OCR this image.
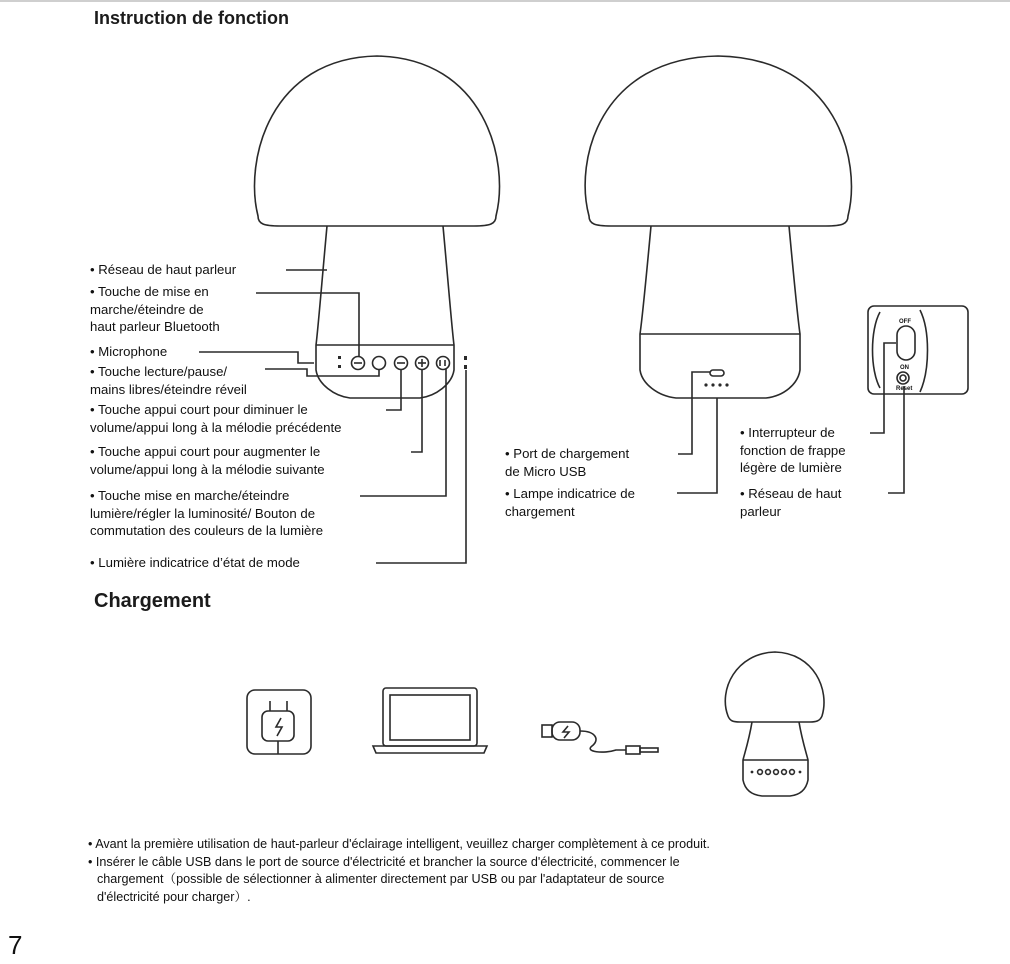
Instruction de fonction
OFF
ON
Reset
• Réseau de haut parleur
• Touche de mise en
marche/éteindre de
haut parleur Bluetooth
• Microphone
• Touche lecture/pause/
mains libres/éteindre réveil
• Touche appui court pour diminuer le
volume/appui long à la mélodie précédente
• Touche appui court pour augmenter le
volume/appui long à la mélodie suivante
• Touche mise en marche/éteindre
lumière/régler la luminosité/ Bouton de
commutation des couleurs de la lumière
• Lumière indicatrice d’état de mode
• Port de chargement
de Micro USB
• Lampe indicatrice de
chargement
• Interrupteur de
fonction de frappe
légère de lumière
• Réseau de haut
parleur
Chargement
• Avant la première utilisation de haut-parleur d'éclairage intelligent, veuillez charger complètement à ce produit.
• Insérer le câble USB dans le port de source d'électricité et brancher la source d'électricité, commencer le
chargement（possible de sélectionner à alimenter directement par USB ou par l'adaptateur de source
d'électricité pour charger）.
7
